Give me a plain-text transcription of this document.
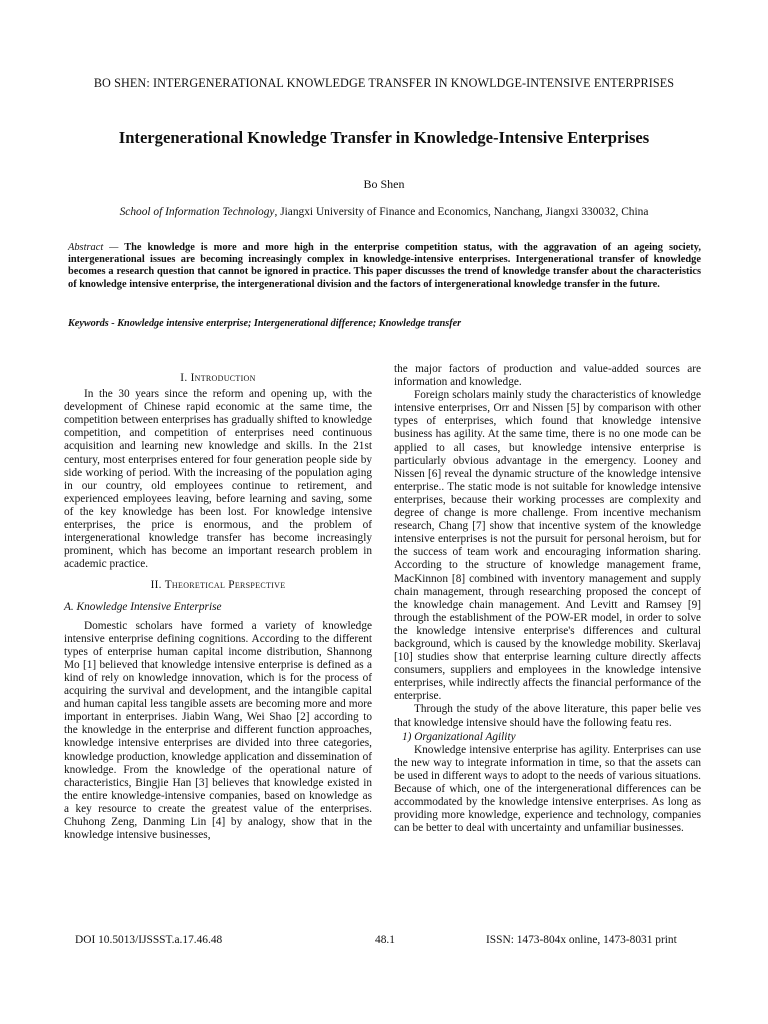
BO SHEN: INTERGENERATIONAL KNOWLEDGE TRANSFER IN KNOWLDGE-INTENSIVE ENTERPRISES
Intergenerational Knowledge Transfer in Knowledge-Intensive Enterprises
Bo Shen
School of Information Technology, Jiangxi University of Finance and Economics, Nanchang, Jiangxi 330032, China
Abstract — The knowledge is more and more high in the enterprise competition status, with the aggravation of an ageing society, intergenerational issues are becoming increasingly complex in knowledge-intensive enterprises. Intergenerational transfer of knowledge becomes a research question that cannot be ignored in practice. This paper discusses the trend of knowledge transfer about the characteristics of knowledge intensive enterprise, the intergenerational division and the factors of intergenerational knowledge transfer in the future.
Keywords - Knowledge intensive enterprise; Intergenerational difference; Knowledge transfer
I. Introduction

In the 30 years since the reform and opening up, with the development of Chinese rapid economic at the same time, the competition between enterprises has gradually shifted to knowledge competition, and competition of enterprises need continuous acquisition and learning new knowledge and skills. In the 21st century, most enterprises entered for four generation people side by side working of period. With the increasing of the population aging in our country, old employees continue to retirement, and experienced employees leaving, before learning and saving, some of the key knowledge has been lost. For knowledge intensive enterprises, the price is enormous, and the problem of intergenerational knowledge transfer has become increasingly prominent, which has become an important research problem in academic practice.

II. Theoretical Perspective
A. Knowledge Intensive Enterprise

Domestic scholars have formed a variety of knowledge intensive enterprise defining cognitions. According to the different types of enterprise human capital income distribution, Shannong Mo [1] believed that knowledge intensive enterprise is defined as a kind of rely on knowledge innovation, which is for the process of acquiring the survival and development, and the intangible capital and human capital less tangible assets are becoming more and more important in enterprises. Jiabin Wang, Wei Shao [2] according to the knowledge in the enterprise and different function approaches, knowledge intensive enterprises are divided into three categories, knowledge production, knowledge application and dissemination of knowledge. From the knowledge of the operational nature of characteristics, Bingjie Han [3] believes that knowledge existed in the entire knowledge-intensive companies, based on knowledge as a key resource to create the greatest value of the enterprises. Chuhong Zeng, Danming Lin [4] by analogy, show that in the knowledge intensive businesses,

the major factors of production and value-added sources are information and knowledge.

Foreign scholars mainly study the characteristics of knowledge intensive enterprises, Orr and Nissen [5] by comparison with other types of enterprises, which found that knowledge intensive business has agility. At the same time, there is no one mode can be applied to all cases, but knowledge intensive enterprise is particularly obvious advantage in the emergency. Looney and Nissen [6] reveal the dynamic structure of the knowledge intensive enterprise.. The static mode is not suitable for knowledge intensive enterprises, because their working processes are complexity and degree of change is more challenge. From incentive mechanism research, Chang [7] show that incentive system of the knowledge intensive enterprises is not the pursuit for personal heroism, but for the success of team work and encouraging information sharing. According to the structure of knowledge management frame, MacKinnon [8] combined with inventory management and supply chain management, through researching proposed the concept of the knowledge chain management. And Levitt and Ramsey [9] through the establishment of the POW-ER model, in order to solve the knowledge intensive enterprise's differences and cultural background, which is caused by the knowledge mobility. Skerlavaj [10] studies show that enterprise learning culture directly affects consumers, suppliers and employees in the knowledge intensive enterprises, while indirectly affects the financial performance of the enterprise.

Through the study of the above literature, this paper belie ves that knowledge intensive should have the following featu res.

1) Organizational Agility

Knowledge intensive enterprise has agility. Enterprises can use the new way to integrate information in time, so that the assets can be used in different ways to adopt to the needs of various situations. Because of which, one of the intergenerational differences can be accommodated by the knowledge intensive enterprises. As long as providing more knowledge, experience and technology, companies can be better to deal with uncertainty and unfamiliar businesses.

DOI 10.5013/IJSSST.a.17.46.48	48.1	ISSN: 1473-804x online, 1473-8031 print
